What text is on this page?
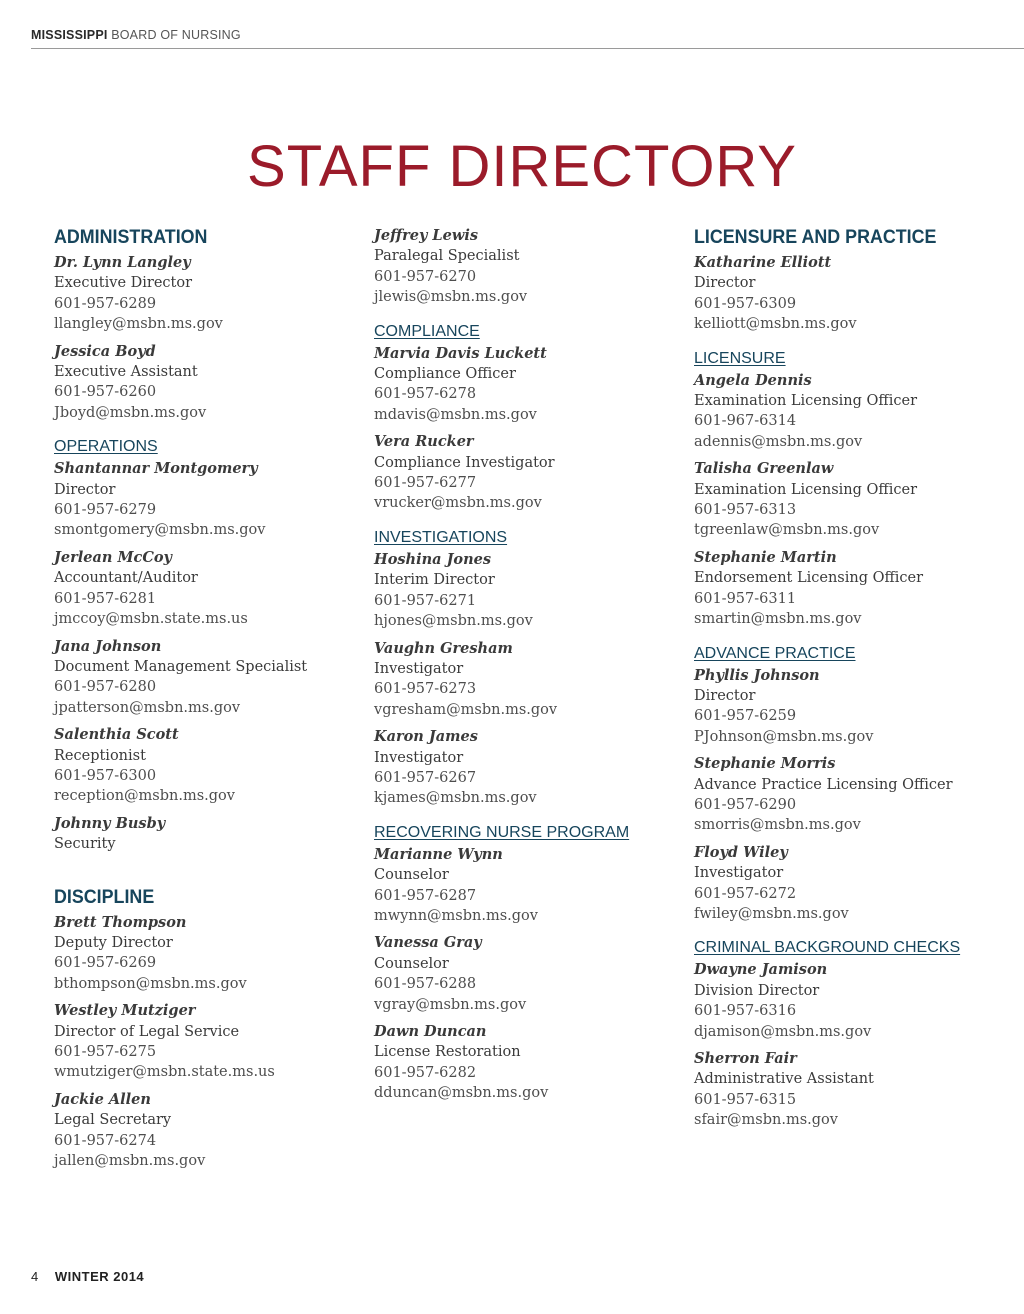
MISSISSIPPI BOARD OF NURSING
STAFF DIRECTORY
ADMINISTRATION
Dr. Lynn Langley
Executive Director
601-957-6289
llangley@msbn.ms.gov
Jessica Boyd
Executive Assistant
601-957-6260
Jboyd@msbn.ms.gov
OPERATIONS
Shantannar Montgomery
Director
601-957-6279
smontgomery@msbn.ms.gov
Jerlean McCoy
Accountant/Auditor
601-957-6281
jmccoy@msbn.state.ms.us
Jana Johnson
Document Management Specialist
601-957-6280
jpatterson@msbn.ms.gov
Salenthia Scott
Receptionist
601-957-6300
reception@msbn.ms.gov
Johnny Busby
Security
DISCIPLINE
Brett Thompson
Deputy Director
601-957-6269
bthompson@msbn.ms.gov
Westley Mutziger
Director of Legal Service
601-957-6275
wmutziger@msbn.state.ms.us
Jackie Allen
Legal Secretary
601-957-6274
jallen@msbn.ms.gov
Jeffrey Lewis
Paralegal Specialist
601-957-6270
jlewis@msbn.ms.gov
COMPLIANCE
Marvia Davis Luckett
Compliance Officer
601-957-6278
mdavis@msbn.ms.gov
Vera Rucker
Compliance Investigator
601-957-6277
vrucker@msbn.ms.gov
INVESTIGATIONS
Hoshina Jones
Interim Director
601-957-6271
hjones@msbn.ms.gov
Vaughn Gresham
Investigator
601-957-6273
vgresham@msbn.ms.gov
Karon James
Investigator
601-957-6267
kjames@msbn.ms.gov
RECOVERING NURSE PROGRAM
Marianne Wynn
Counselor
601-957-6287
mwynn@msbn.ms.gov
Vanessa Gray
Counselor
601-957-6288
vgray@msbn.ms.gov
Dawn Duncan
License Restoration
601-957-6282
dduncan@msbn.ms.gov
LICENSURE AND PRACTICE
Katharine Elliott
Director
601-957-6309
kelliott@msbn.ms.gov
LICENSURE
Angela Dennis
Examination Licensing Officer
601-967-6314
adennis@msbn.ms.gov
Talisha Greenlaw
Examination Licensing Officer
601-957-6313
tgreenlaw@msbn.ms.gov
Stephanie Martin
Endorsement Licensing Officer
601-957-6311
smartin@msbn.ms.gov
ADVANCE PRACTICE
Phyllis Johnson
Director
601-957-6259
PJohnson@msbn.ms.gov
Stephanie Morris
Advance Practice Licensing Officer
601-957-6290
smorris@msbn.ms.gov
Floyd Wiley
Investigator
601-957-6272
fwiley@msbn.ms.gov
CRIMINAL BACKGROUND CHECKS
Dwayne Jamison
Division Director
601-957-6316
djamison@msbn.ms.gov
Sherron Fair
Administrative Assistant
601-957-6315
sfair@msbn.ms.gov
4 WINTER 2014
